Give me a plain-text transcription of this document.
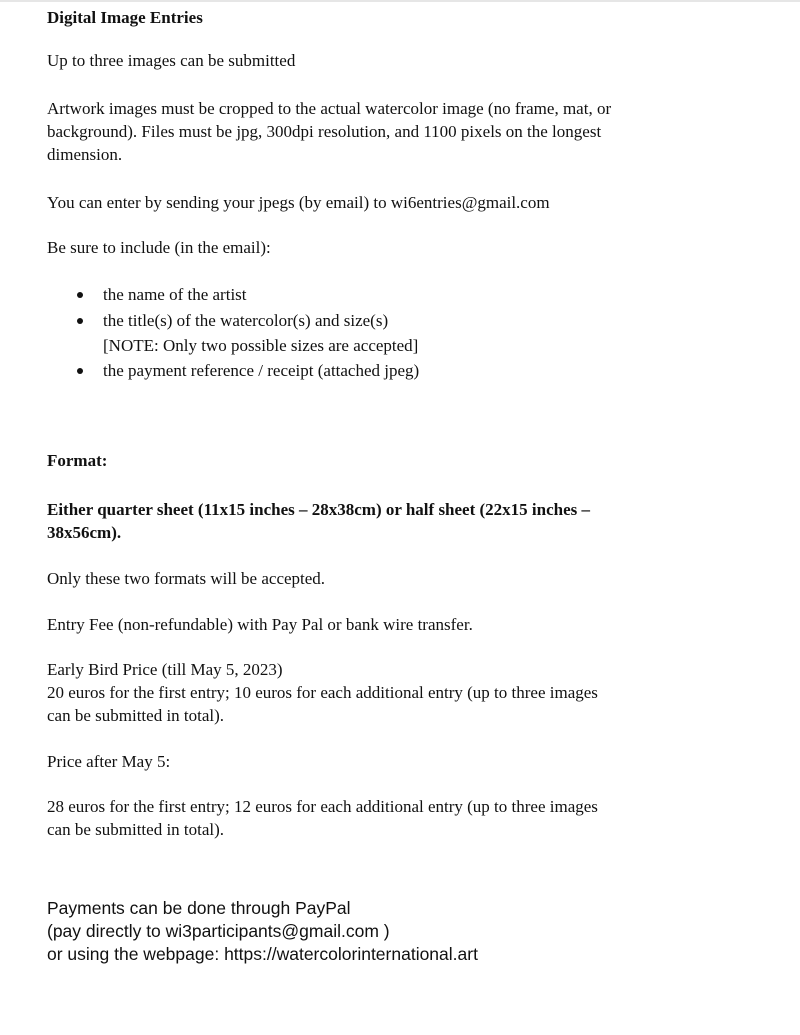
Digital Image Entries

Up to three images can be submitted

Artwork images must be cropped to the actual watercolor image (no frame, mat, or

background). Files must be jpg, 300dpi resolution, and 1100 pixels on the longest

dimension.

You can enter by sending your jpegs (by email) to wi6entries@gmail.com

Be sure to include (in the email):

the name of the artist
the title(s) of the watercolor(s) and size(s)
[NOTE: Only two possible sizes are accepted]
the payment reference / receipt (attached jpeg)

Format:

Either quarter sheet (11x15 inches – 28x38cm) or half sheet (22x15 inches –

38x56cm).

Only these two formats will be accepted.

Entry Fee (non-refundable) with Pay Pal or bank wire transfer.

Early Bird Price (till May 5, 2023)

20 euros for the first entry; 10 euros for each additional entry (up to three images

can be submitted in total).

Price after May 5:

28 euros for the first entry; 12 euros for each additional entry (up to three images

can be submitted in total).

Payments can be done through PayPal

(pay directly to wi3participants@gmail.com )

or using the webpage: https://watercolorinternational.art
